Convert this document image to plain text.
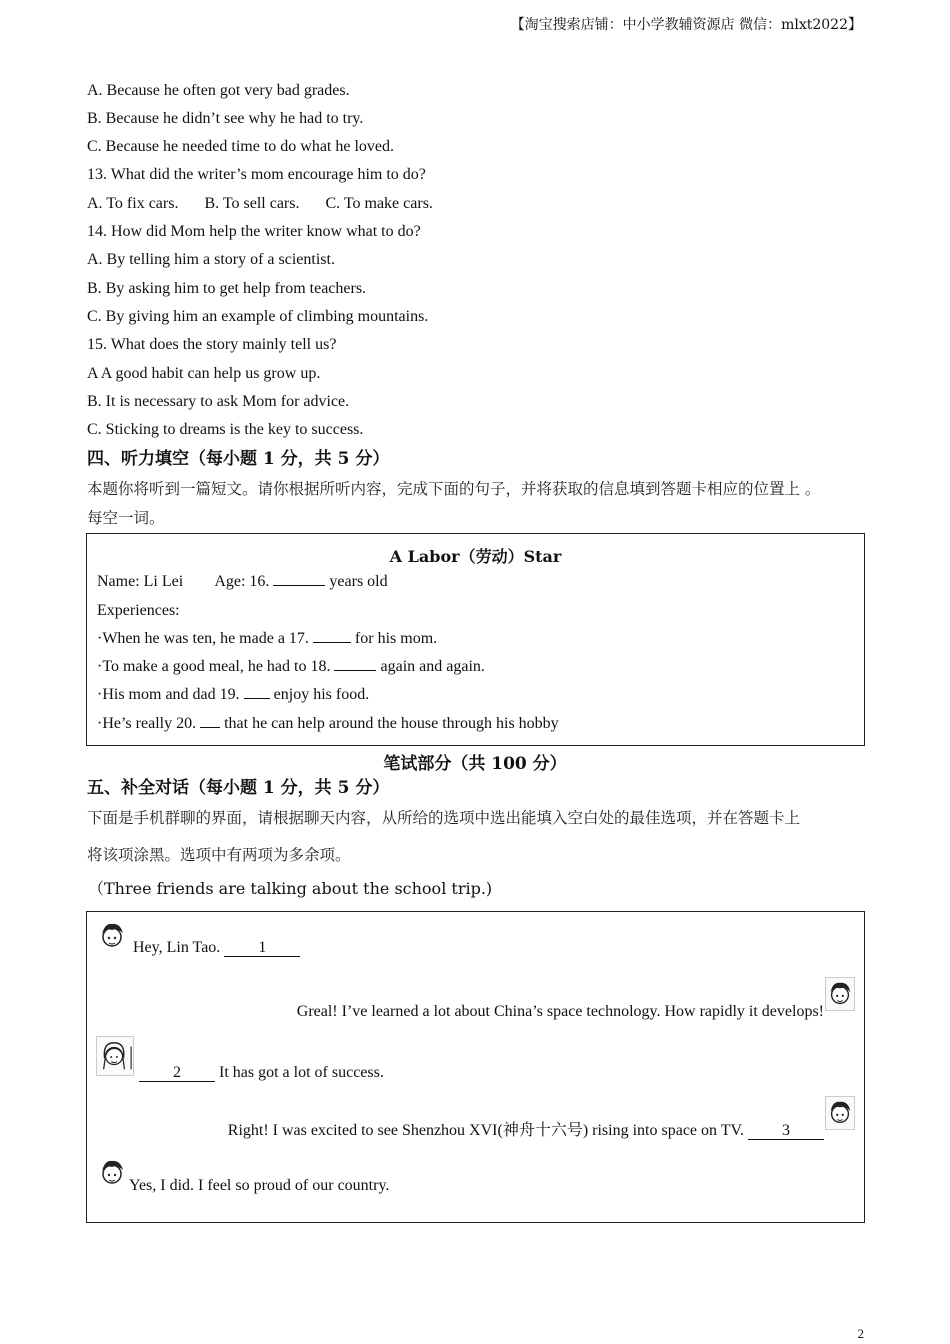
【淘宝搜索店铺：中小学教辅资源店 微信：mlxt2022】
A. Because he often got very bad grades.
B. Because he didn’t see why he had to try.
C. Because he needed time to do what he loved.
13. What did the writer’s mom encourage him to do?
A. To fix cars. B. To sell cars. C. To make cars.
14. How did Mom help the writer know what to do?
A. By telling him a story of a scientist.
B. By asking him to get help from teachers.
C. By giving him an example of climbing mountains.
15. What does the story mainly tell us?
A A good habit can help us grow up.
B. It is necessary to ask Mom for advice.
C. Sticking to dreams is the key to success.
四、听力填空（每小题 1 分，共 5 分）
本题你将听到一篇短文。请你根据所听内容，完成下面的句子，并将获取的信息填到答题卡相应的位置上 。
每空一词。
A Labor（劳动）Star
Name: Li Lei Age: 16.	years old
Experiences:
·When he was ten, he made a 17.  for his mom.
·To make a good meal, he had to 18.	again and again.
·His mom and dad 19.  enjoy his food.
·He’s really 20.  that he can help around the house through his hobby
笔试部分（共 100 分）
五、补全对话（每小题 1 分，共 5 分）
下面是手机群聊的界面，请根据聊天内容，从所给的选项中选出能填入空白处的最佳选项，并在答题卡上
将该项涂黑。选项中有两项为多余项。
（Three friends are talking about the school trip.)
Hey, Lin Tao. 1
Greal! I’ve learned a lot about China’s space technology. How rapidly it develops!
2 It has got a lot of success.
Right! I was excited to see Shenzhou XVI(神舟十六号) rising into space on TV. 3
Yes, I did. I feel so proud of our country.
2
